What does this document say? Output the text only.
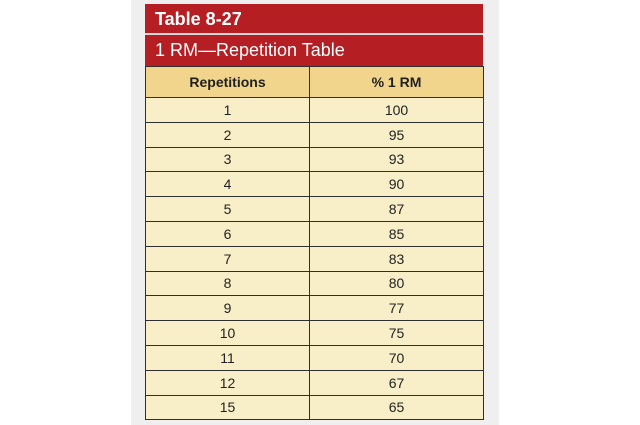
Table 8-27
1 RM—Repetition Table
Repetitions	% 1 RM
1	100
2	95
3	93
4	90
5	87
6	85
7	83
8	80
9	77
10	75
11	70
12	67
15	65
